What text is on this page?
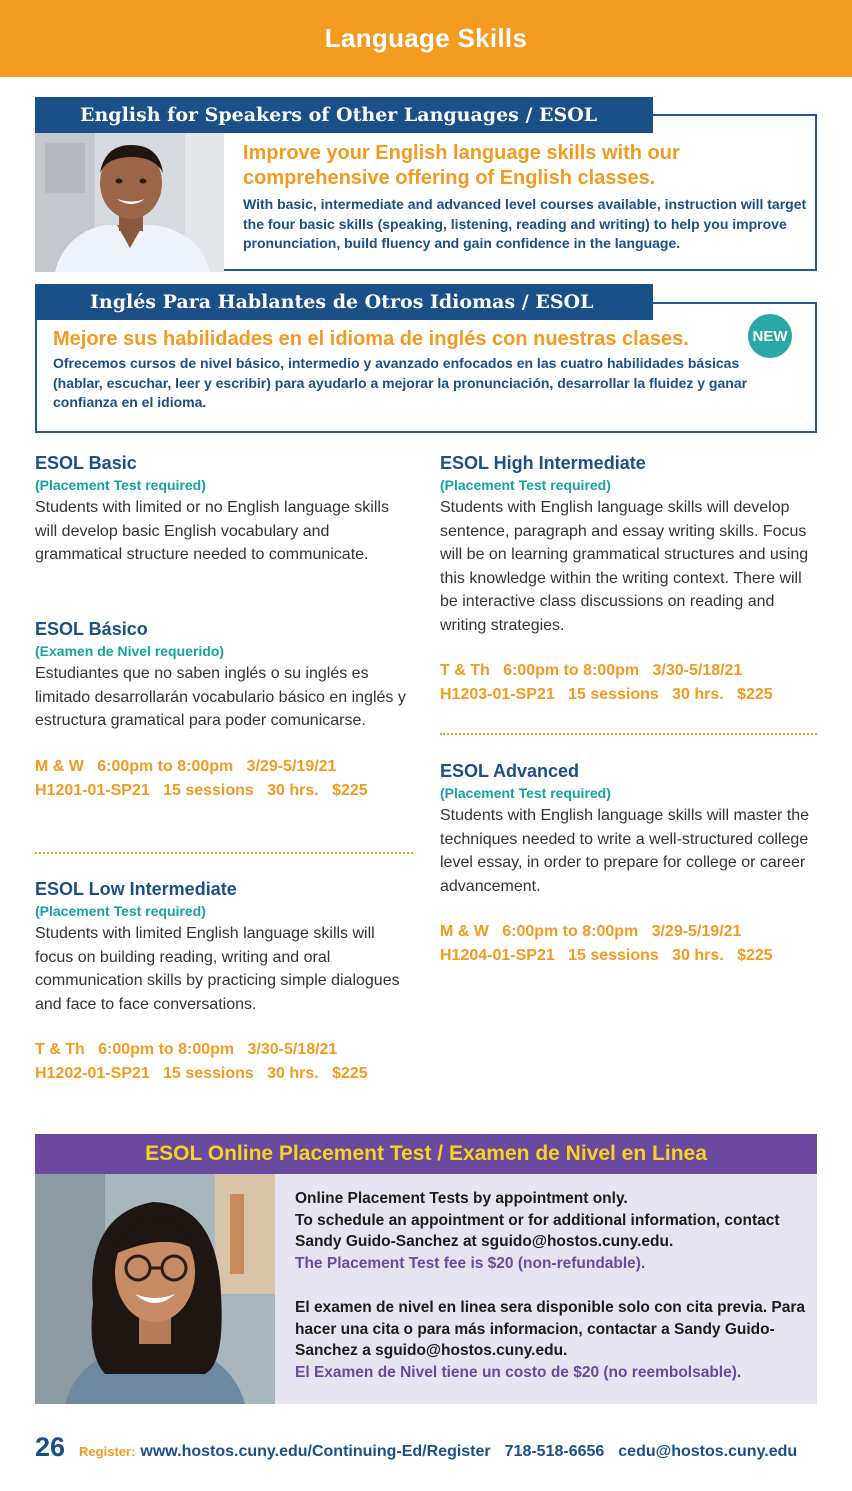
Language Skills
English for Speakers of Other Languages / ESOL
Improve your English language skills with our comprehensive offering of English classes.
With basic, intermediate and advanced level courses available, instruction will target the four basic skills (speaking, listening, reading and writing) to help you improve pronunciation, build fluency and gain confidence in the language.
Inglés Para Hablantes de Otros Idiomas / ESOL
Mejore sus habilidades en el idioma de inglés con nuestras clases.
Ofrecemos cursos de nivel básico, intermedio y avanzado enfocados en las cuatro habilidades básicas (hablar, escuchar, leer y escribir) para ayudarlo a mejorar la pronunciación, desarrollar la fluidez y ganar confianza en el idioma.
NEW
ESOL Basic
(Placement Test required)
Students with limited or no English language skills will develop basic English vocabulary and grammatical structure needed to communicate.
ESOL Básico
(Examen de Nivel requerido)
Estudiantes que no saben inglés o su inglés es limitado desarrollarán vocabulario básico en inglés y estructura gramatical para poder comunicarse.
M & W   6:00pm to 8:00pm   3/29-5/19/21
H1201-01-SP21   15 sessions   30 hrs.   $225
ESOL Low Intermediate
(Placement Test required)
Students with limited English language skills will focus on building reading, writing and oral communication skills by practicing simple dialogues and face to face conversations.
T & Th   6:00pm to 8:00pm   3/30-5/18/21
H1202-01-SP21   15 sessions   30 hrs.   $225
ESOL High Intermediate
(Placement Test required)
Students with English language skills will develop sentence, paragraph and essay writing skills. Focus will be on learning grammatical structures and using this knowledge within the writing context. There will be interactive class discussions on reading and writing strategies.
T & Th   6:00pm to 8:00pm   3/30-5/18/21
H1203-01-SP21   15 sessions   30 hrs.   $225
ESOL Advanced
(Placement Test required)
Students with English language skills will master the techniques needed to write a well-structured college level essay, in order to prepare for college or career advancement.
M & W   6:00pm to 8:00pm   3/29-5/19/21
H1204-01-SP21   15 sessions   30 hrs.   $225
ESOL Online Placement Test / Examen de Nivel en Linea
Online Placement Tests by appointment only.
To schedule an appointment or for additional information, contact Sandy Guido-Sanchez at sguido@hostos.cuny.edu.
The Placement Test fee is $20 (non-refundable).
El examen de nivel en linea sera disponible solo con cita previa. Para hacer una cita o para más informacion, contactar a Sandy Guido-Sanchez a sguido@hostos.cuny.edu.
El Examen de Nivel tiene un costo de $20 (no reembolsable).
26 Register: www.hostos.cuny.edu/Continuing-Ed/Register 718-518-6656 cedu@hostos.cuny.edu
